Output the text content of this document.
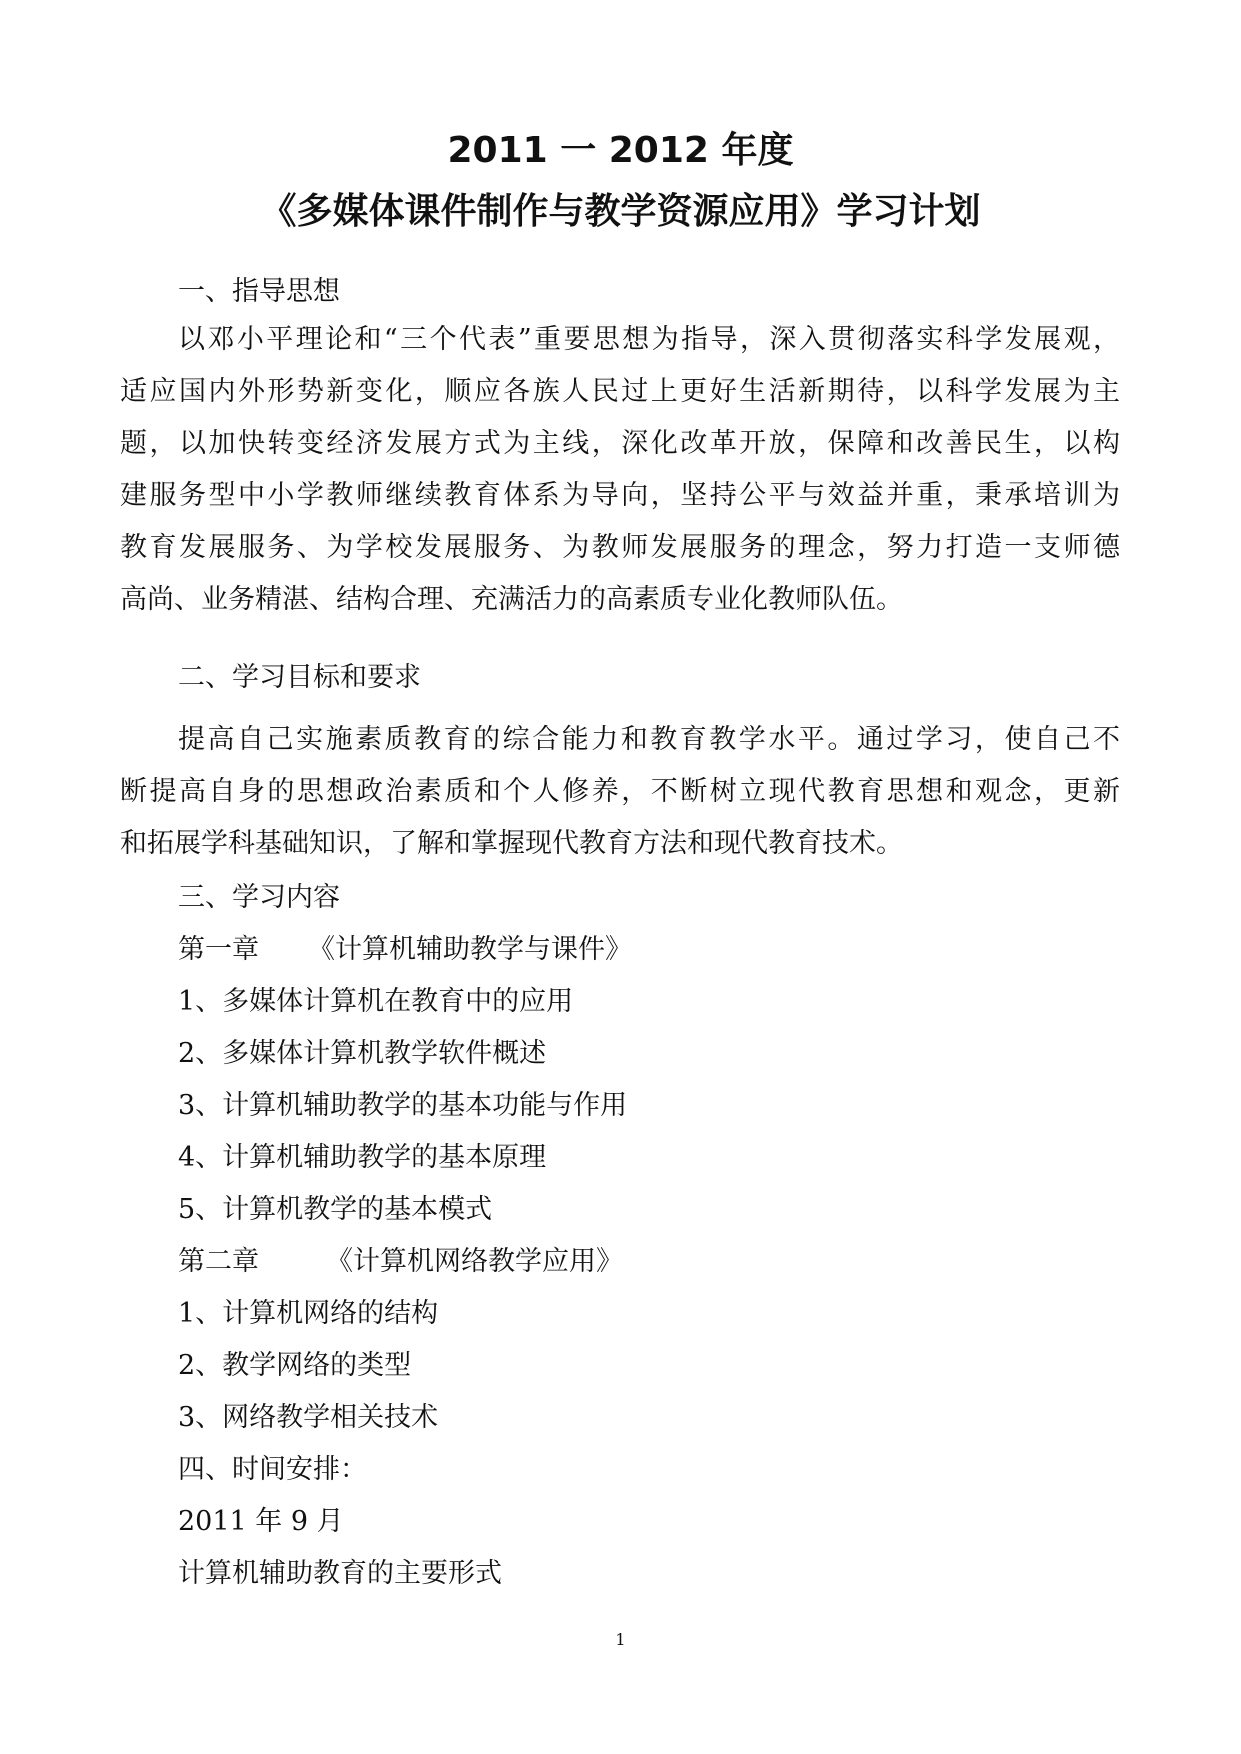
2011 一 2012 年度
《多媒体课件制作与教学资源应用》学习计划
一、指导思想
以邓小平理论和“三个代表”重要思想为指导，深入贯彻落实科学发展观，
适应国内外形势新变化，顺应各族人民过上更好生活新期待，以科学发展为主
题，以加快转变经济发展方式为主线，深化改革开放，保障和改善民生，以构
建服务型中小学教师继续教育体系为导向，坚持公平与效益并重，秉承培训为
教育发展服务、为学校发展服务、为教师发展服务的理念，努力打造一支师德
高尚、业务精湛、结构合理、充满活力的高素质专业化教师队伍。
二、学习目标和要求
提高自己实施素质教育的综合能力和教育教学水平。通过学习，使自己不
断提高自身的思想政治素质和个人修养，不断树立现代教育思想和观念，更新
和拓展学科基础知识，了解和掌握现代教育方法和现代教育技术。
三、学习内容
第一章 《计算机辅助教学与课件》
1、多媒体计算机在教育中的应用
2、多媒体计算机教学软件概述
3、计算机辅助教学的基本功能与作用
4、计算机辅助教学的基本原理
5、计算机教学的基本模式
第二章 《计算机网络教学应用》
1、计算机网络的结构
2、教学网络的类型
3、网络教学相关技术
四、时间安排：
2011 年 9 月
计算机辅助教育的主要形式
1
